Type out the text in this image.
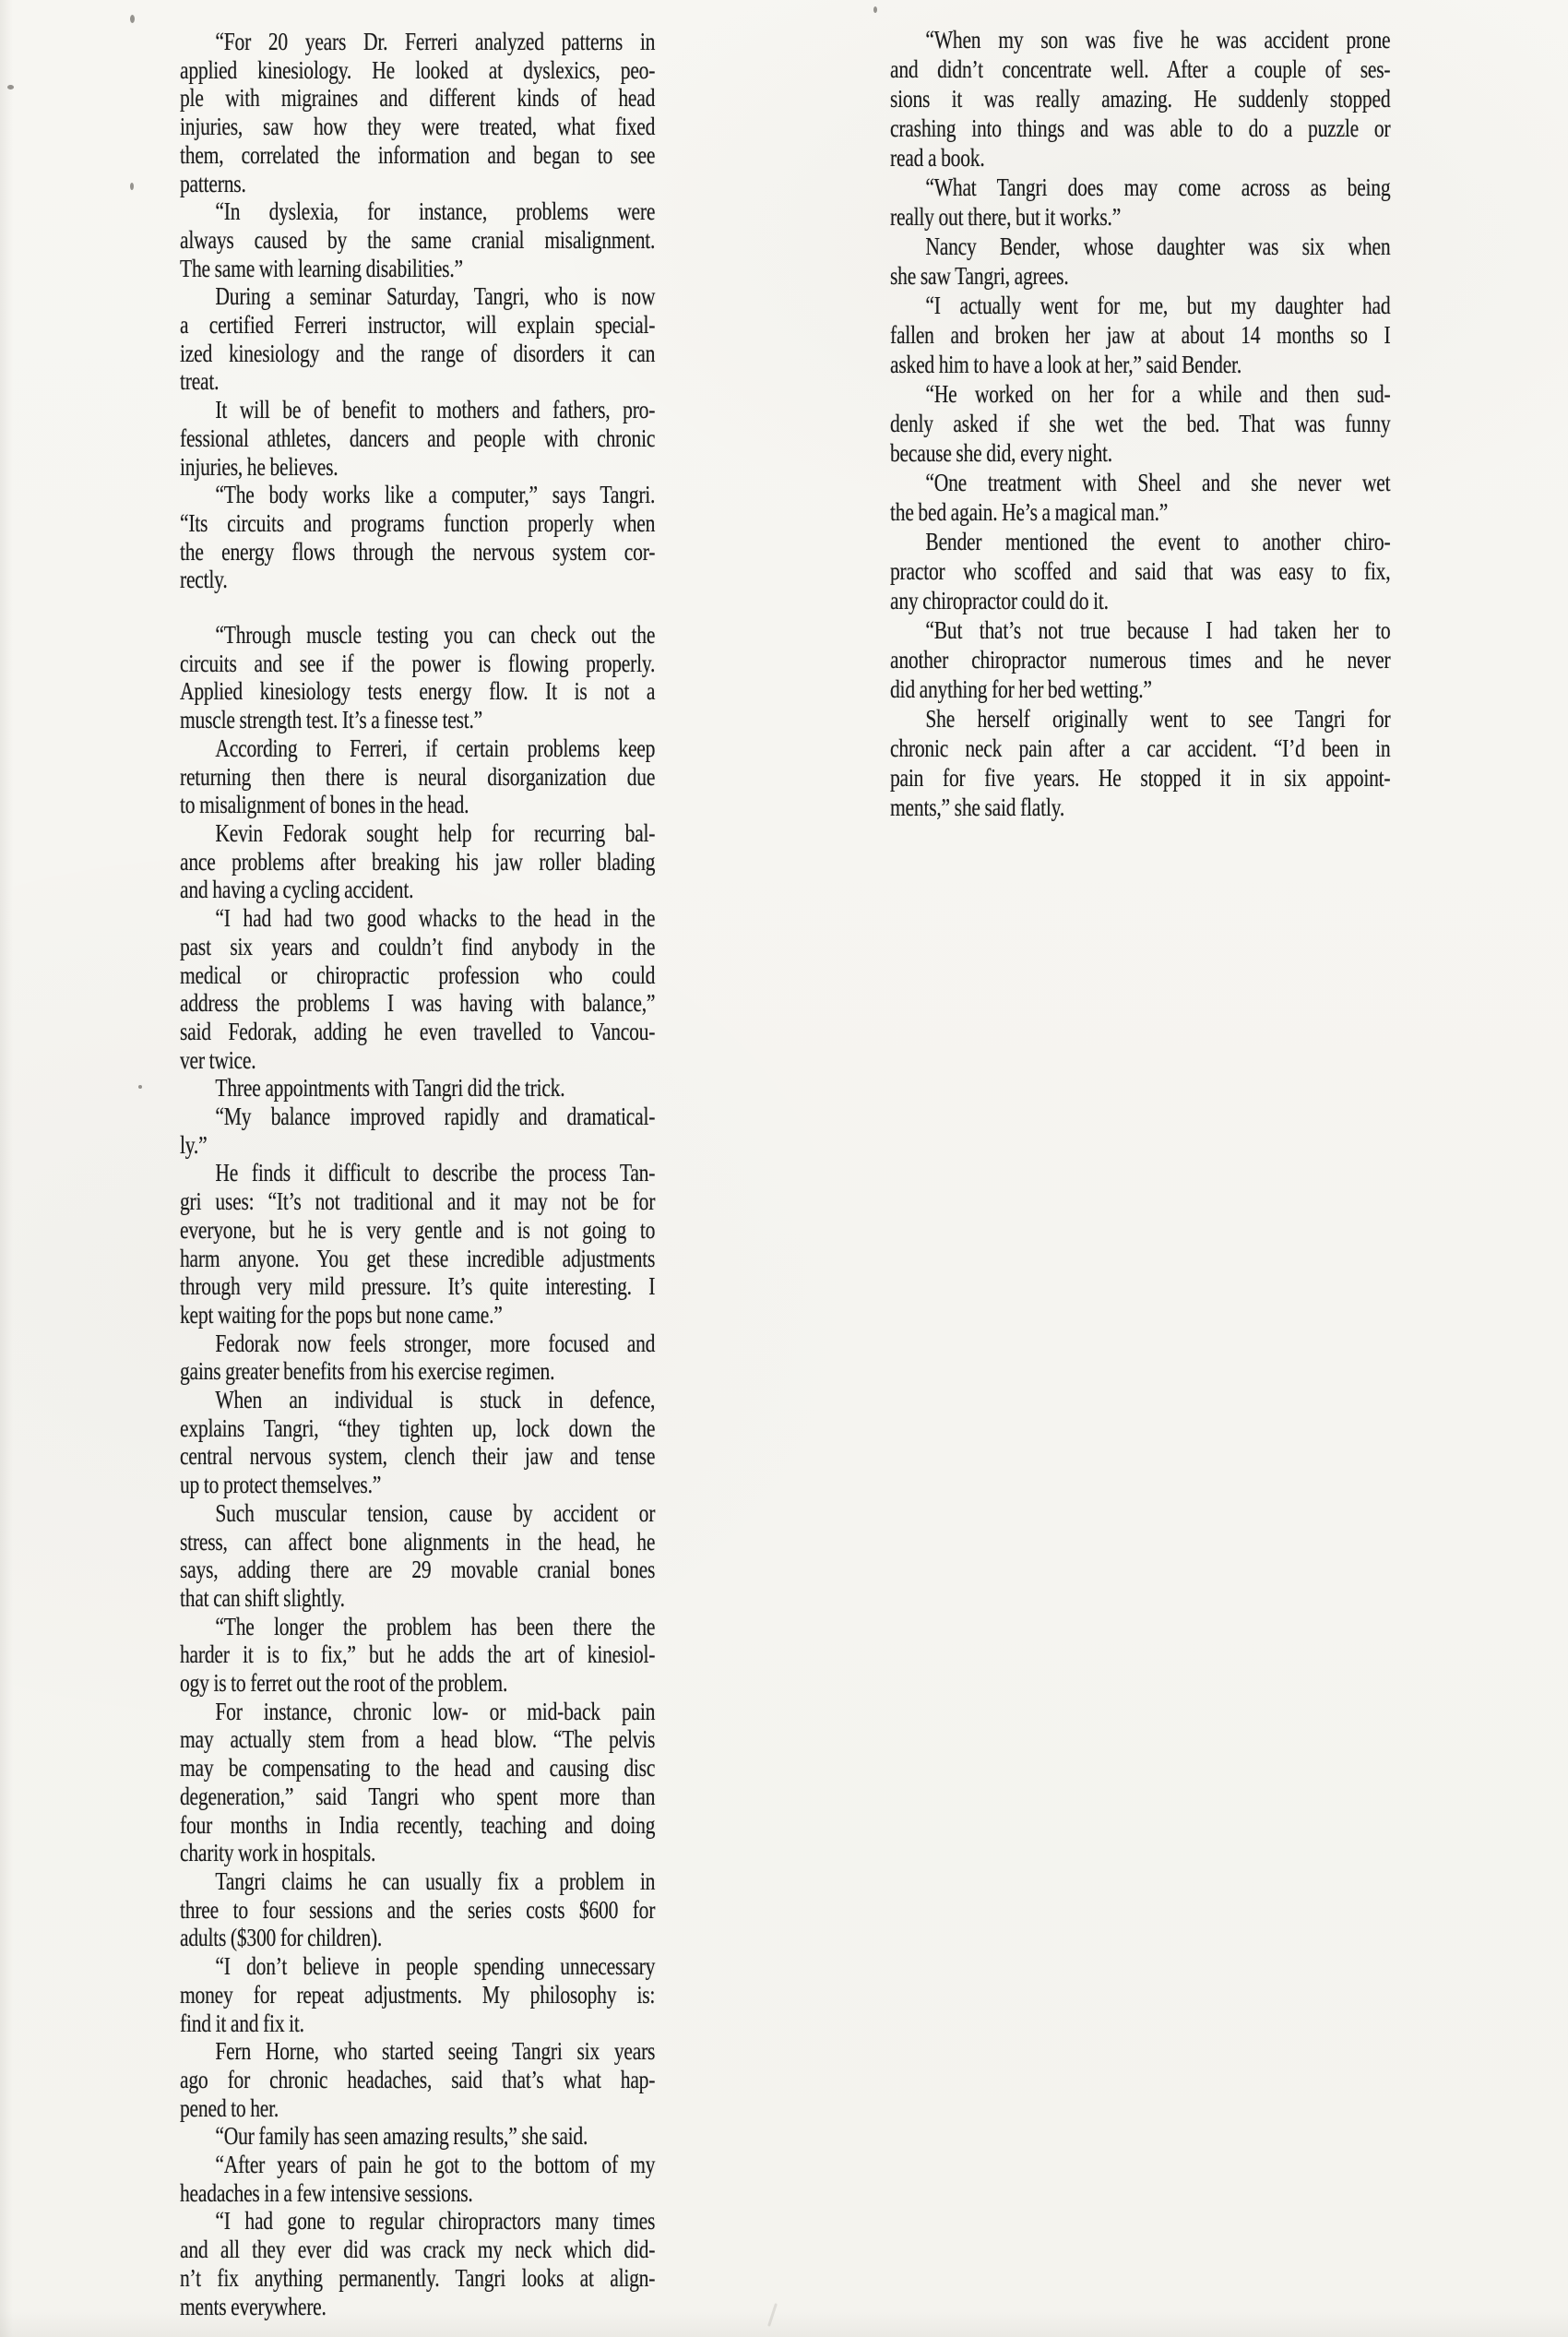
“For 20 years Dr. Ferreri analyzed patterns in
applied kinesiology. He looked at dyslexics, peo-
ple with migraines and different kinds of head
injuries, saw how they were treated, what fixed
them, correlated the information and began to see
patterns.

“In dyslexia, for instance, problems were
always caused by the same cranial misalignment.
The same with learning disabilities.”

During a seminar Saturday, Tangri, who is now
a certified Ferreri instructor, will explain special-
ized kinesiology and the range of disorders it can
treat.

It will be of benefit to mothers and fathers, pro-
fessional athletes, dancers and people with chronic
injuries, he believes.

“The body works like a computer,” says Tangri.
“Its circuits and programs function properly when
the energy flows through the nervous system cor-
rectly.

“Through muscle testing you can check out the
circuits and see if the power is flowing properly.
Applied kinesiology tests energy flow. It is not a
muscle strength test. It’s a finesse test.”

According to Ferreri, if certain problems keep
returning then there is neural disorganization due
to misalignment of bones in the head.

Kevin Fedorak sought help for recurring bal-
ance problems after breaking his jaw roller blading
and having a cycling accident.

“I had had two good whacks to the head in the
past six years and couldn’t find anybody in the
medical or chiropractic profession who could
address the problems I was having with balance,”
said Fedorak, adding he even travelled to Vancou-
ver twice.

Three appointments with Tangri did the trick.

“My balance improved rapidly and dramatical-
ly.”

He finds it difficult to describe the process Tan-
gri uses: “It’s not traditional and it may not be for
everyone, but he is very gentle and is not going to
harm anyone. You get these incredible adjustments
through very mild pressure. It’s quite interesting. I
kept waiting for the pops but none came.”

Fedorak now feels stronger, more focused and
gains greater benefits from his exercise regimen.

When an individual is stuck in defence,
explains Tangri, “they tighten up, lock down the
central nervous system, clench their jaw and tense
up to protect themselves.”

Such muscular tension, cause by accident or
stress, can affect bone alignments in the head, he
says, adding there are 29 movable cranial bones
that can shift slightly.

“The longer the problem has been there the
harder it is to fix,” but he adds the art of kinesiol-
ogy is to ferret out the root of the problem.

For instance, chronic low- or mid-back pain
may actually stem from a head blow. “The pelvis
may be compensating to the head and causing disc
degeneration,” said Tangri who spent more than
four months in India recently, teaching and doing
charity work in hospitals.

Tangri claims he can usually fix a problem in
three to four sessions and the series costs $600 for
adults ($300 for children).

“I don’t believe in people spending unnecessary
money for repeat adjustments. My philosophy is:
find it and fix it.

Fern Horne, who started seeing Tangri six years
ago for chronic headaches, said that’s what hap-
pened to her.

“Our family has seen amazing results,” she said.

“After years of pain he got to the bottom of my
headaches in a few intensive sessions.

“I had gone to regular chiropractors many times
and all they ever did was crack my neck which did-
n’t fix anything permanently. Tangri looks at align-
ments everywhere.

“When my son was five he was accident prone
and didn’t concentrate well. After a couple of ses-
sions it was really amazing. He suddenly stopped
crashing into things and was able to do a puzzle or
read a book.

“What Tangri does may come across as being
really out there, but it works.”

Nancy Bender, whose daughter was six when
she saw Tangri, agrees.

“I actually went for me, but my daughter had
fallen and broken her jaw at about 14 months so I
asked him to have a look at her,” said Bender.

“He worked on her for a while and then sud-
denly asked if she wet the bed. That was funny
because she did, every night.

“One treatment with Sheel and she never wet
the bed again. He’s a magical man.”

Bender mentioned the event to another chiro-
practor who scoffed and said that was easy to fix,
any chiropractor could do it.

“But that’s not true because I had taken her to
another chiropractor numerous times and he never
did anything for her bed wetting.”

She herself originally went to see Tangri for
chronic neck pain after a car accident. “I’d been in
pain for five years. He stopped it in six appoint-
ments,” she said flatly.
